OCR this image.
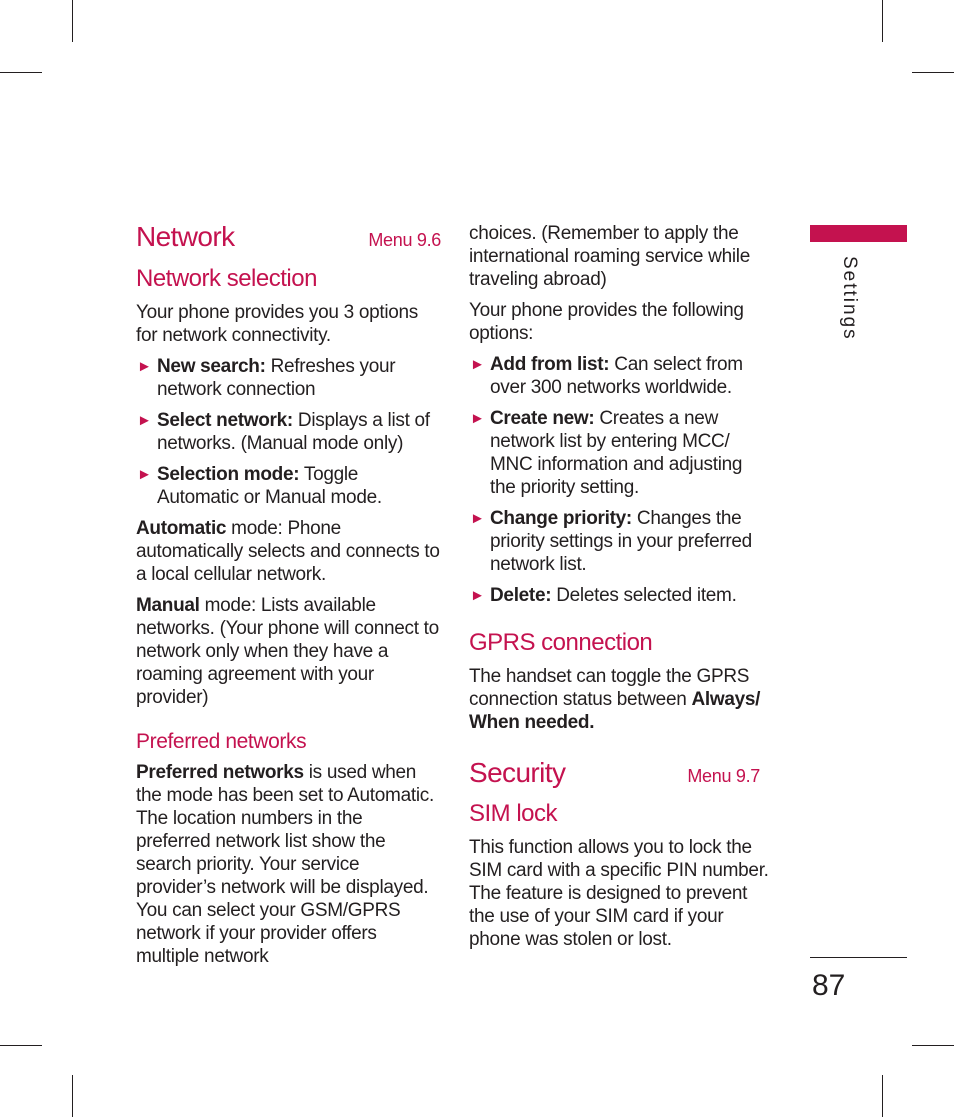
Network	Menu 9.6
Network selection

Your phone provides you 3 options for network connectivity.

► New search: Refreshes your network connection
► Select network: Displays a list of networks. (Manual mode only)
► Selection mode: Toggle Automatic or Manual mode.

Automatic mode: Phone automatically selects and connects to a local cellular network.

Manual mode: Lists available networks. (Your phone will connect to network only when they have a roaming agreement with your provider)

Preferred networks

Preferred networks is used when the mode has been set to Automatic. The location numbers in the preferred network list show the search priority. Your service provider’s network will be displayed. You can select your GSM/GPRS network if your provider offers multiple network

choices. (Remember to apply the international roaming service while traveling abroad)

Your phone provides the following options:

► Add from list: Can select from over 300 networks worldwide.
► Create new: Creates a new network list by entering MCC/ MNC information and adjusting the priority setting.
► Change priority: Changes the priority settings in your preferred network list.
► Delete: Deletes selected item.
GPRS connection

The handset can toggle the GPRS connection status between Always/ When needed.

Security	Menu 9.7
SIM lock

This function allows you to lock the SIM card with a specific PIN number. The feature is designed to prevent the use of your SIM card if your phone was stolen or lost.

Settings
87
